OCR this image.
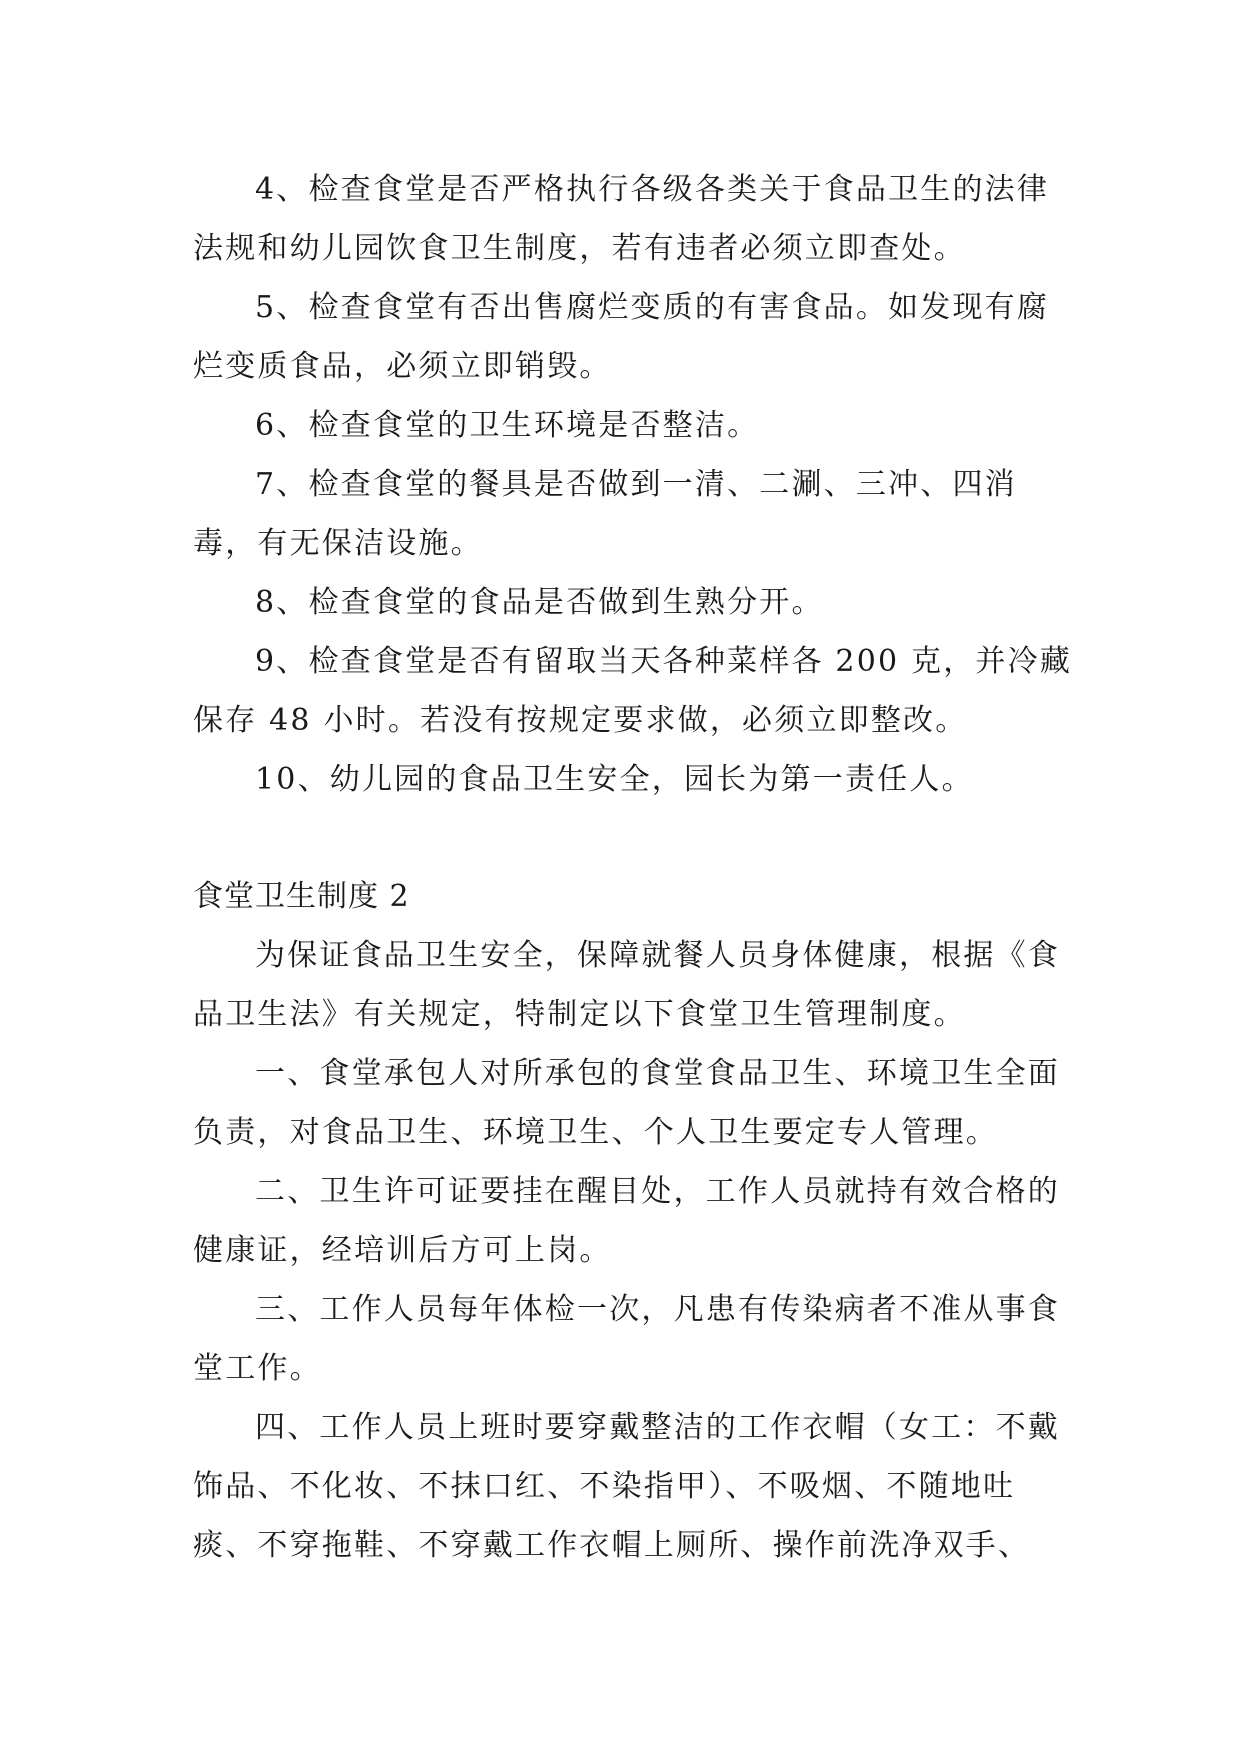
4、检查食堂是否严格执行各级各类关于食品卫生的法律法规和幼儿园饮食卫生制度，若有违者必须立即查处。

5、检查食堂有否出售腐烂变质的有害食品。如发现有腐烂变质食品，必须立即销毁。

6、检查食堂的卫生环境是否整洁。

7、检查食堂的餐具是否做到一清、二涮、三冲、四消毒，有无保洁设施。

8、检查食堂的食品是否做到生熟分开。

9、检查食堂是否有留取当天各种菜样各 200 克，并冷藏保存 48 小时。若没有按规定要求做，必须立即整改。

10、幼儿园的食品卫生安全，园长为第一责任人。

食堂卫生制度 2

为保证食品卫生安全，保障就餐人员身体健康，根据《食品卫生法》有关规定，特制定以下食堂卫生管理制度。

一、食堂承包人对所承包的食堂食品卫生、环境卫生全面负责，对食品卫生、环境卫生、个人卫生要定专人管理。

二、卫生许可证要挂在醒目处，工作人员就持有效合格的健康证，经培训后方可上岗。

三、工作人员每年体检一次，凡患有传染病者不准从事食堂工作。

四、工作人员上班时要穿戴整洁的工作衣帽（女工：不戴饰品、不化妆、不抹口红、不染指甲）、不吸烟、不随地吐痰、不穿拖鞋、不穿戴工作衣帽上厕所、操作前洗净双手、
